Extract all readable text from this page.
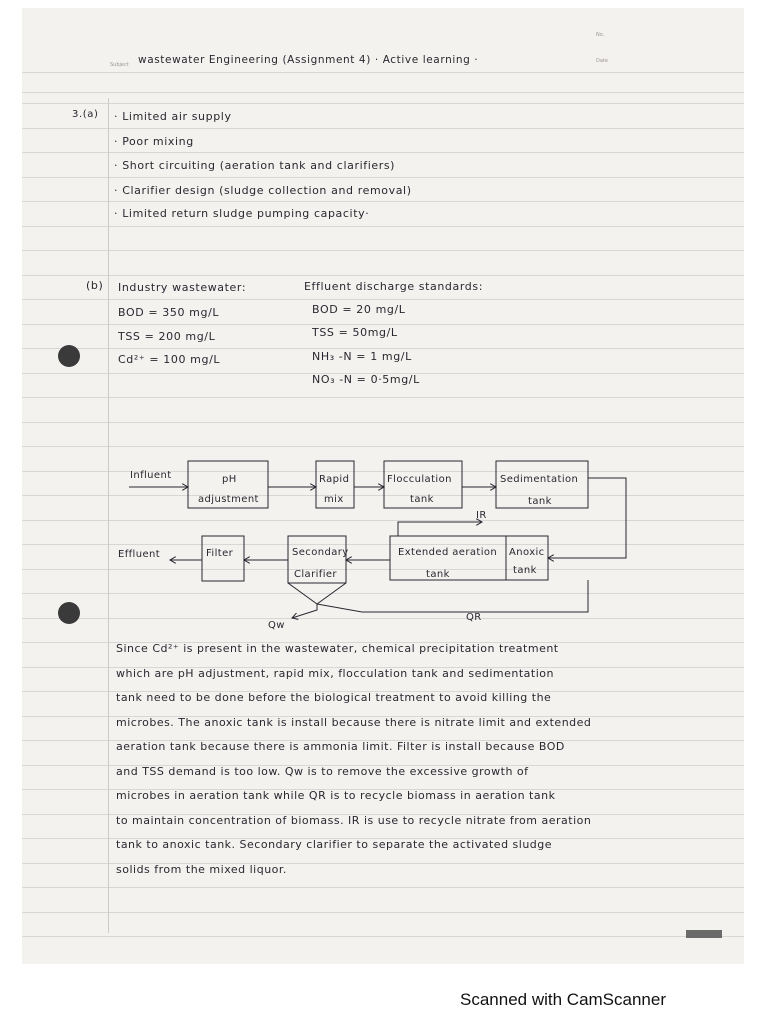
Subject wastewater Engineering (Assignment 4) · Active learning ·
No.
Date
3.(a) · Limited air supply
· Poor mixing
· Short circuiting (aeration tank and clarifiers)
· Clarifier design (sludge collection and removal)
· Limited return sludge pumping capacity·
(b) Industry wastewater:
BOD = 350 mg/L
TSS = 200 mg/L
Cd²⁺ = 100 mg/L
Effluent discharge standards:
BOD = 20 mg/L
TSS = 50mg/L
NH₃ -N = 1 mg/L
NO₃ -N = 0·5mg/L
Influent	pH
adjustment
Rapid
mix
Flocculation
tank
Sedimentation
tank
IR
Effluent	Filter	Secondary
Clarifier
Extended aeration
tank
Anoxic
tank
Qw
QR
Since Cd²⁺ is present in the wastewater, chemical precipitation treatment
which are pH adjustment, rapid mix, flocculation tank and sedimentation
tank need to be done before the biological treatment to avoid killing the
microbes. The anoxic tank is install because there is nitrate limit and extended
aeration tank because there is ammonia limit. Filter is install because BOD
and TSS demand is too low. Qw is to remove the excessive growth of
microbes in aeration tank while QR is to recycle biomass in aeration tank
to maintain concentration of biomass. IR is use to recycle nitrate from aeration
tank to anoxic tank. Secondary clarifier to separate the activated sludge
solids from the mixed liquor.
Scanned with CamScanner
